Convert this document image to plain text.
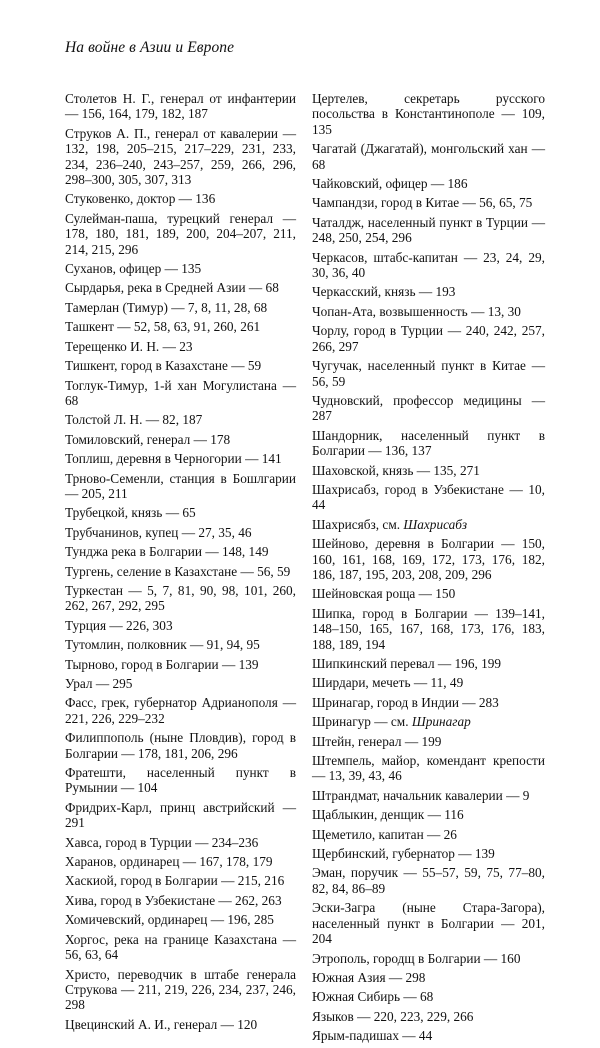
На войне в Азии и Европе

Столетов Н. Г., генерал от инфантерии — 156, 164, 179, 182, 187

Струков А. П., генерал от кавалерии — 132, 198, 205–215, 217–229, 231, 233, 234, 236–240, 243–257, 259, 266, 296, 298–300, 305, 307, 313

Стуковенко, доктор — 136

Сулейман-паша, турецкий генерал — 178, 180, 181, 189, 200, 204–207, 211, 214, 215, 296

Суханов, офицер — 135

Сырдарья, река в Средней Азии — 68

Тамерлан (Тимур) — 7, 8, 11, 28, 68

Ташкент — 52, 58, 63, 91, 260, 261

Терещенко И. Н. — 23

Тишкент, город в Казахстане — 59

Тоглук-Тимур, 1-й хан Могулистана — 68

Толстой Л. Н. — 82, 187

Томиловский, генерал — 178

Топлиш, деревня в Черногории — 141

Трново-Семенли, станция в Бошлгарии — 205, 211

Трубецкой, князь — 65

Трубчанинов, купец — 27, 35, 46

Тунджа река в Болгарии — 148, 149

Тургень, селение в Казахстане — 56, 59

Туркестан — 5, 7, 81, 90, 98, 101, 260, 262, 267, 292, 295

Турция — 226, 303

Тутомлин, полковник — 91, 94, 95

Тырново, город в Болгарии — 139

Урал — 295

Фасс, грек, губернатор Адрианополя — 221, 226, 229–232

Филиппополь (ныне Пловдив), город в Болгарии — 178, 181, 206, 296

Фратешти, населенный пункт в Румынии — 104

Фридрих-Карл, принц австрийский — 291

Хавса, город в Турции — 234–236

Харанов, ординарец — 167, 178, 179

Хаскиой, город в Болгарии — 215, 216

Хива, город в Узбекистане — 262, 263

Хомичевский, ординарец — 196, 285

Хоргос, река на границе Казахстана — 56, 63, 64

Христо, переводчик в штабе генерала Струкова — 211, 219, 226, 234, 237, 246, 298

Цвецинский А. И., генерал — 120

Цертелев, секретарь русского посольства в Константинополе — 109, 135

Чагатай (Джагатай), монгольский хан — 68

Чайковский, офицер — 186

Чампандзи, город в Китае — 56, 65, 75

Чаталдж, населенный пункт в Турции — 248, 250, 254, 296

Черкасов, штабс-капитан — 23, 24, 29, 30, 36, 40

Черкасский, князь — 193

Чопан-Ата, возвышенность — 13, 30

Чорлу, город в Турции — 240, 242, 257, 266, 297

Чугучак, населенный пункт в Китае — 56, 59

Чудновский, профессор медицины — 287

Шандорник, населенный пункт в Болгарии — 136, 137

Шаховской, князь — 135, 271

Шахрисабз, город в Узбекистане — 10, 44

Шахрисябз, см. Шахрисабз

Шейново, деревня в Болгарии — 150, 160, 161, 168, 169, 172, 173, 176, 182, 186, 187, 195, 203, 208, 209, 296

Шейновская роща — 150

Шипка, город в Болгарии — 139–141, 148–150, 165, 167, 168, 173, 176, 183, 188, 189, 194

Шипкинский перевал — 196, 199

Ширдари, мечеть — 11, 49

Шринагар, город в Индии — 283

Шринагур — см. Шринагар

Штейн, генерал — 199

Штемпель, майор, комендант крепости — 13, 39, 43, 46

Штрандмат, начальник кавалерии — 9

Щаблыкин, денщик — 116

Щеметило, капитан — 26

Щербинский, губернатор — 139

Эман, поручик — 55–57, 59, 75, 77–80, 82, 84, 86–89

Эски-Загра (ныне Стара-Загора), населенный пункт в Болгарии — 201, 204

Этрополь, городщ в Болгарии — 160

Южная Азия — 298

Южная Сибирь — 68

Языков — 220, 223, 229, 266

Ярым-падишах — 44
